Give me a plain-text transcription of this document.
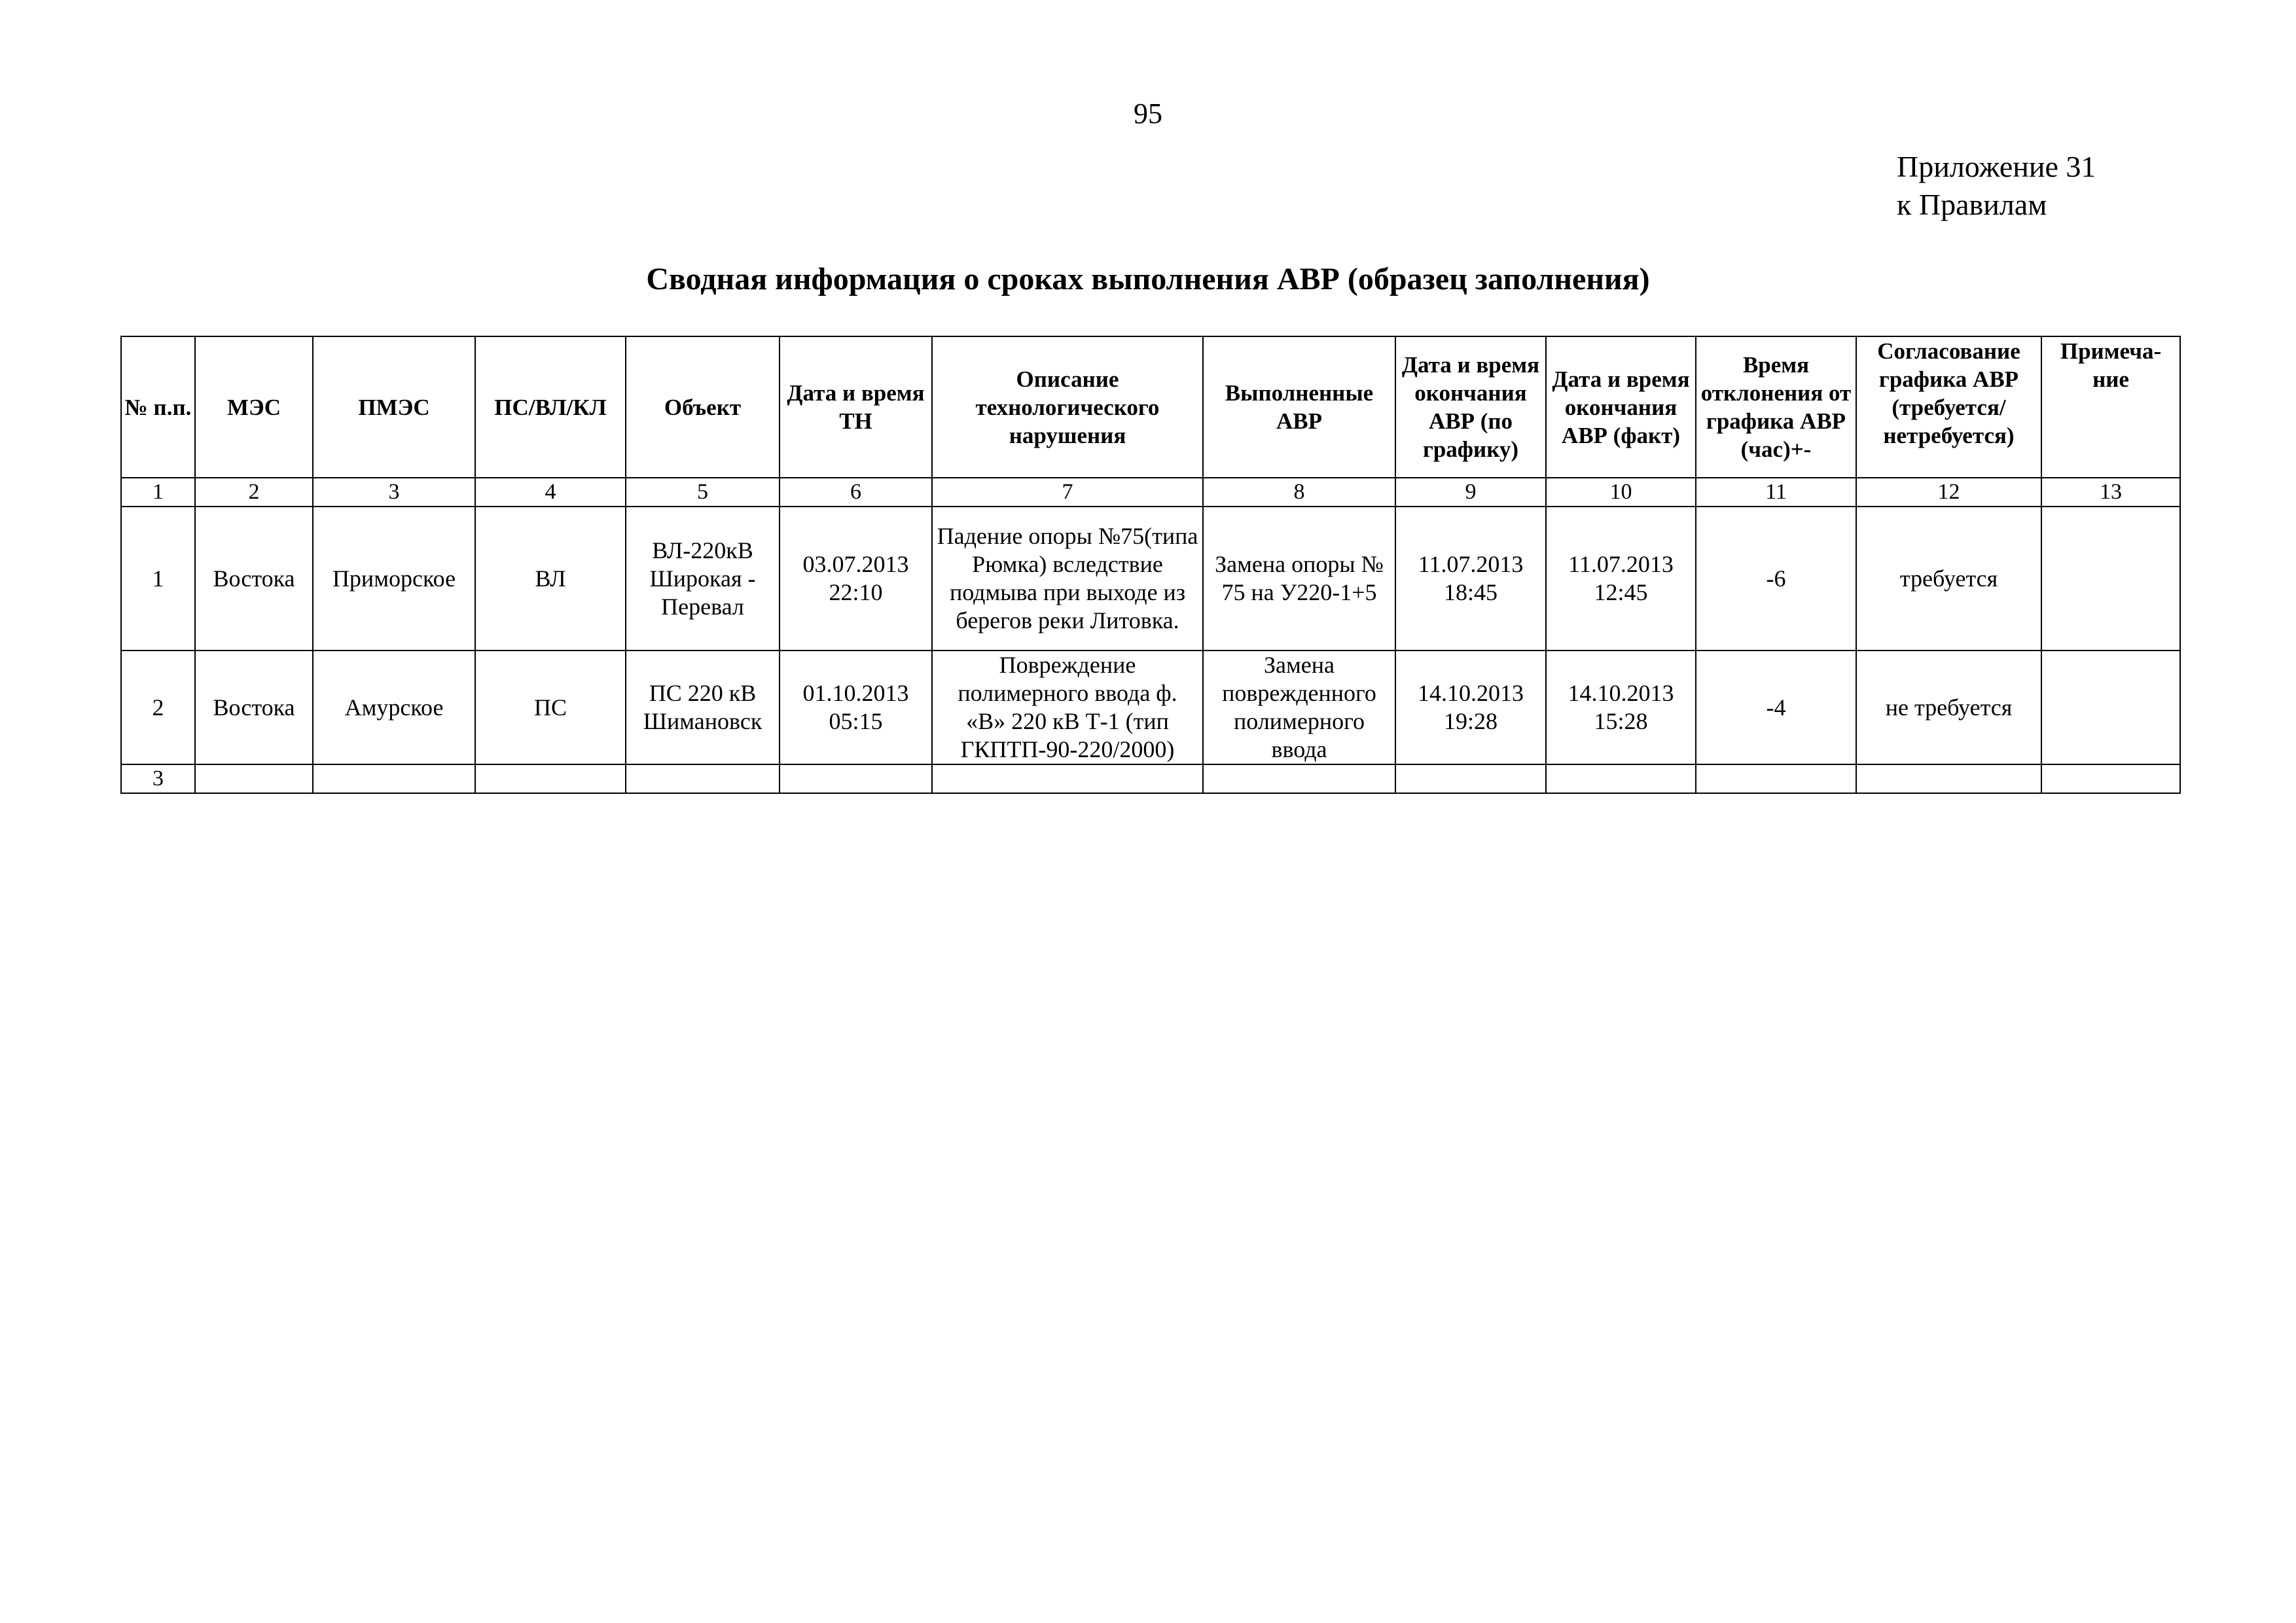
95
Приложение 31
к Правилам
Сводная информация о сроках выполнения АВР (образец заполнения)
№ п.п.	МЭС	ПМЭС	ПС/ВЛ/КЛ	Объект	Дата и время ТН	Описание технологического нарушения	Выполненные АВР	Дата и время окончания АВР (по графику)	Дата и время окончания АВР (факт)	Время отклонения от графика АВР (час)+-	Согласование графика АВР (требуется/ нетребуется)	Примеча-ние
1	2	3	4	5	6	7	8	9	10	11	12	13
1	Востока	Приморское	ВЛ	ВЛ-220кВ Широкая - Перевал	03.07.2013 22:10	Падение опоры №75(типа Рюмка) вследствие подмыва при выходе из берегов реки Литовка.	Замена опоры № 75 на У220-1+5	11.07.2013 18:45	11.07.2013 12:45	-6	требуется	
2	Востока	Амурское	ПС	ПС 220 кВ Шимановск	01.10.2013 05:15	Повреждение полимерного ввода ф. «В» 220 кВ Т-1 (тип ГКПТП-90-220/2000)	Замена поврежденного полимерного ввода	14.10.2013 19:28	14.10.2013 15:28	-4	не требуется	
3												
